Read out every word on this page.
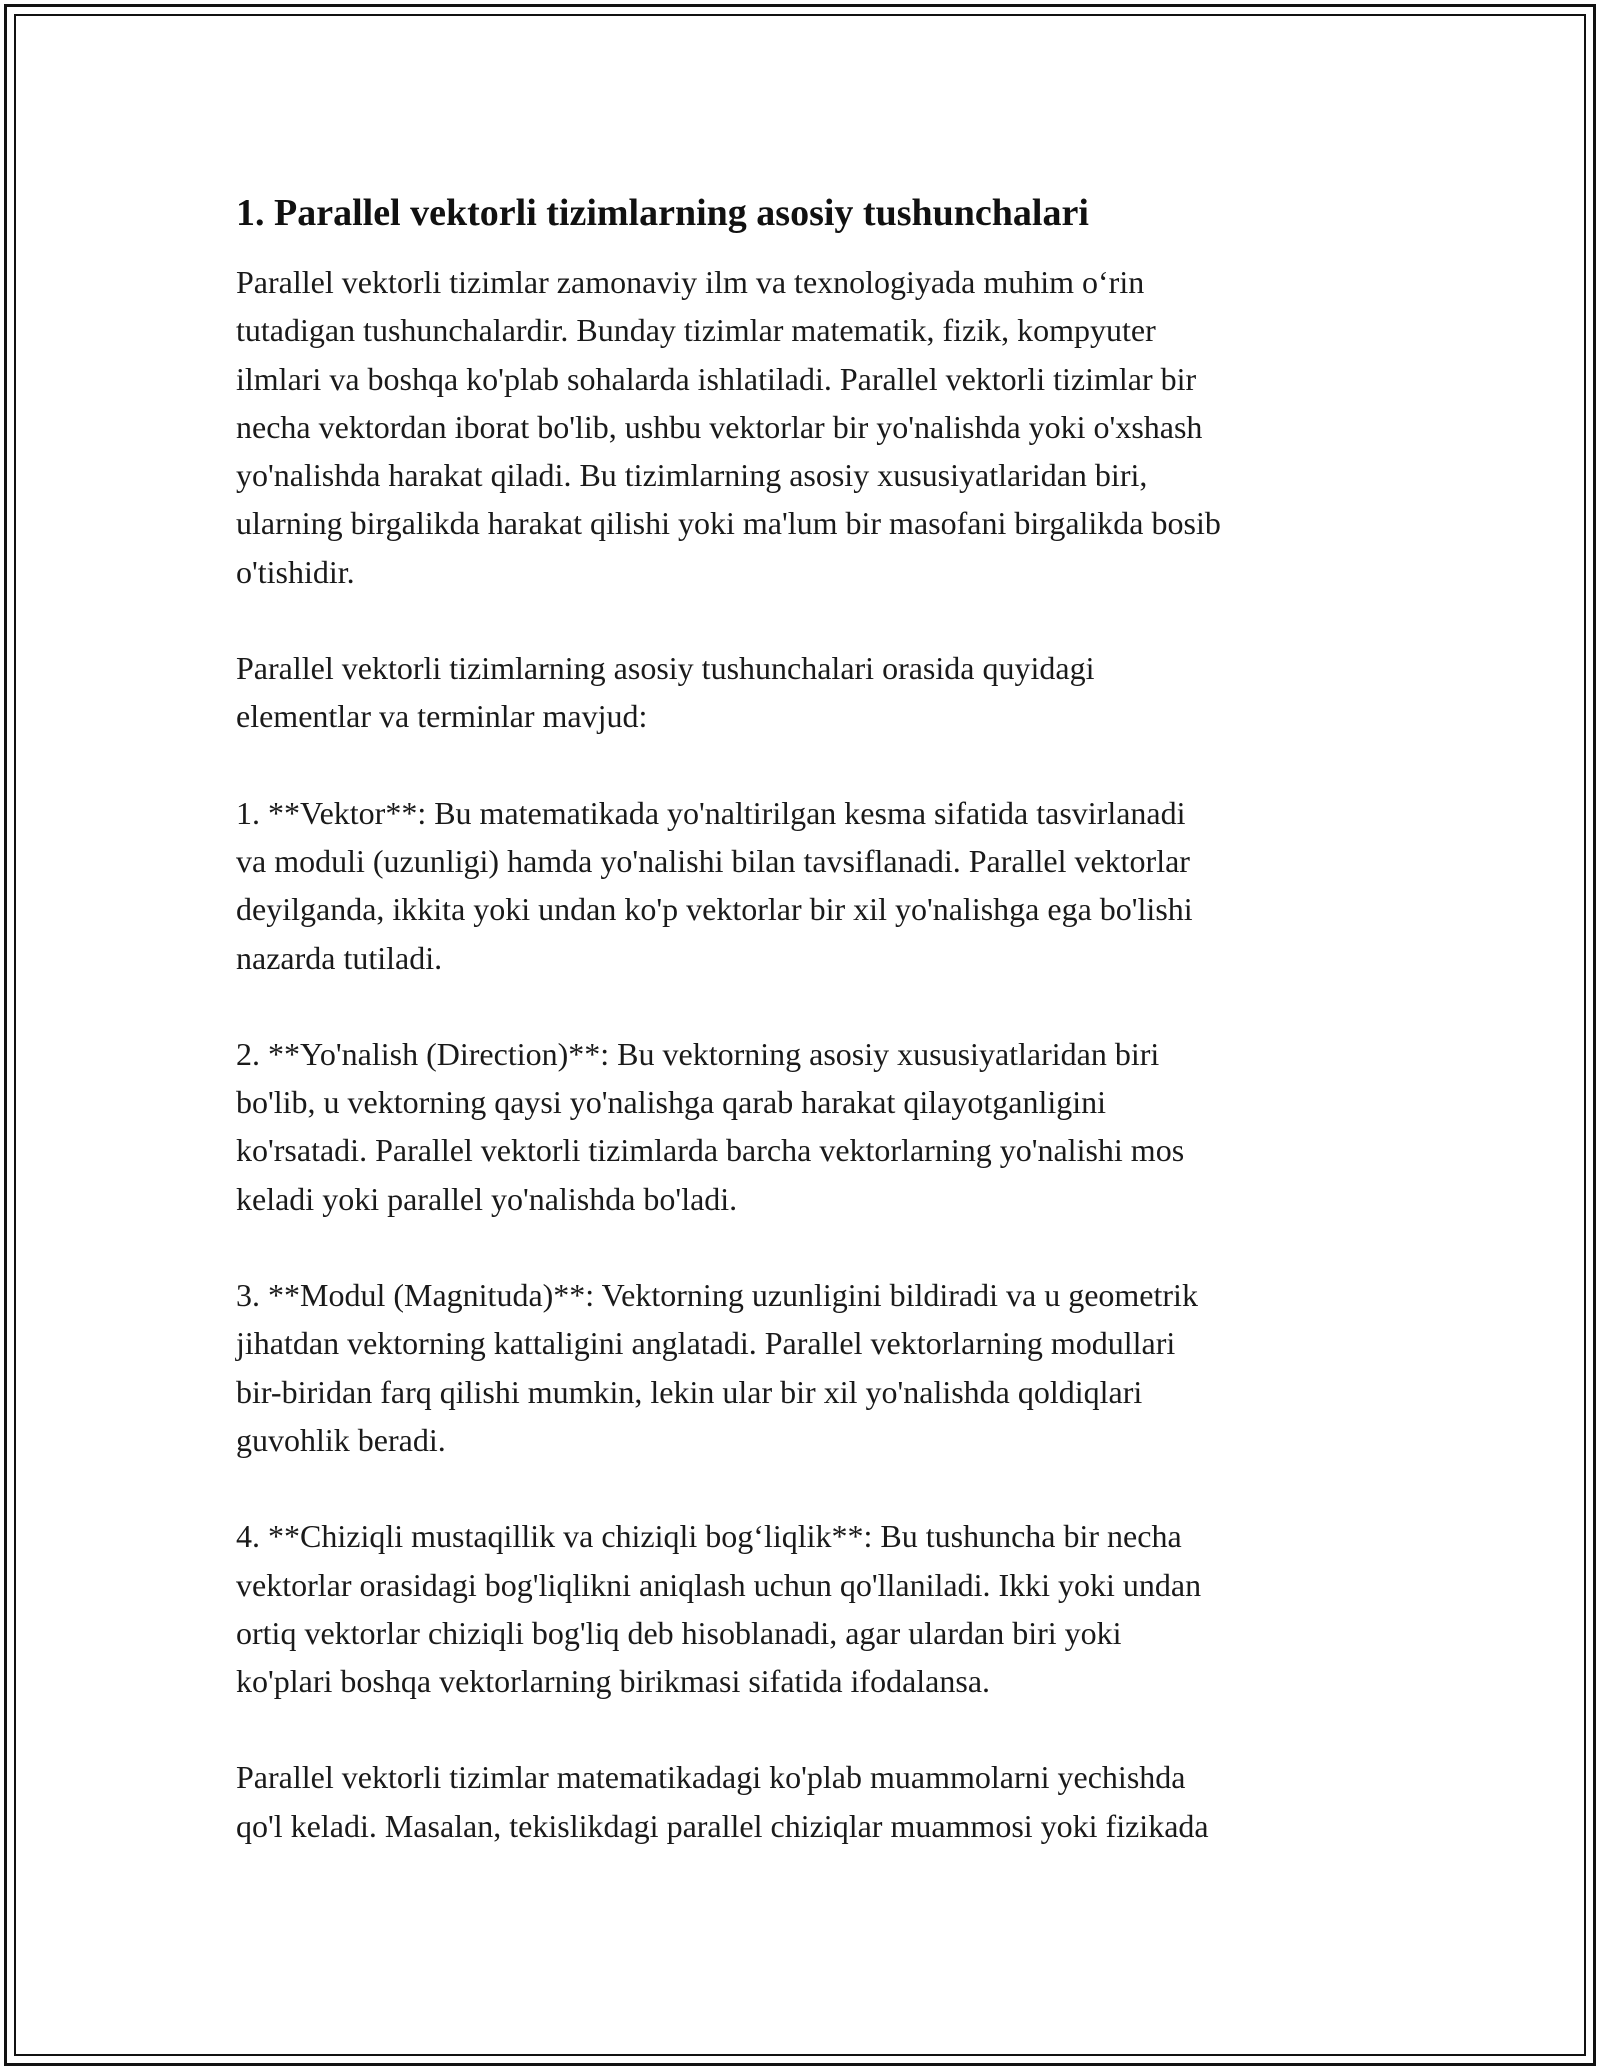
1. Parallel vektorli tizimlarning asosiy tushunchalari

Parallel vektorli tizimlar zamonaviy ilm va texnologiyada muhim o‘rin
tutadigan tushunchalardir. Bunday tizimlar matematik, fizik, kompyuter
ilmlari va boshqa ko'plab sohalarda ishlatiladi. Parallel vektorli tizimlar bir
necha vektordan iborat bo'lib, ushbu vektorlar bir yo'nalishda yoki o'xshash
yo'nalishda harakat qiladi. Bu tizimlarning asosiy xususiyatlaridan biri,
ularning birgalikda harakat qilishi yoki ma'lum bir masofani birgalikda bosib
o'tishidir.

Parallel vektorli tizimlarning asosiy tushunchalari orasida quyidagi
elementlar va terminlar mavjud:

1. **Vektor**: Bu matematikada yo'naltirilgan kesma sifatida tasvirlanadi
va moduli (uzunligi) hamda yo'nalishi bilan tavsiflanadi. Parallel vektorlar
deyilganda, ikkita yoki undan ko'p vektorlar bir xil yo'nalishga ega bo'lishi
nazarda tutiladi.

2. **Yo'nalish (Direction)**: Bu vektorning asosiy xususiyatlaridan biri
bo'lib, u vektorning qaysi yo'nalishga qarab harakat qilayotganligini
ko'rsatadi. Parallel vektorli tizimlarda barcha vektorlarning yo'nalishi mos
keladi yoki parallel yo'nalishda bo'ladi.

3. **Modul (Magnituda)**: Vektorning uzunligini bildiradi va u geometrik
jihatdan vektorning kattaligini anglatadi. Parallel vektorlarning modullari
bir-biridan farq qilishi mumkin, lekin ular bir xil yo'nalishda qoldiqlari
guvohlik beradi.

4. **Chiziqli mustaqillik va chiziqli bog‘liqlik**: Bu tushuncha bir necha
vektorlar orasidagi bog'liqlikni aniqlash uchun qo'llaniladi. Ikki yoki undan
ortiq vektorlar chiziqli bog'liq deb hisoblanadi, agar ulardan biri yoki
ko'plari boshqa vektorlarning birikmasi sifatida ifodalansa.

Parallel vektorli tizimlar matematikadagi ko'plab muammolarni yechishda
qo'l keladi. Masalan, tekislikdagi parallel chiziqlar muammosi yoki fizikada
